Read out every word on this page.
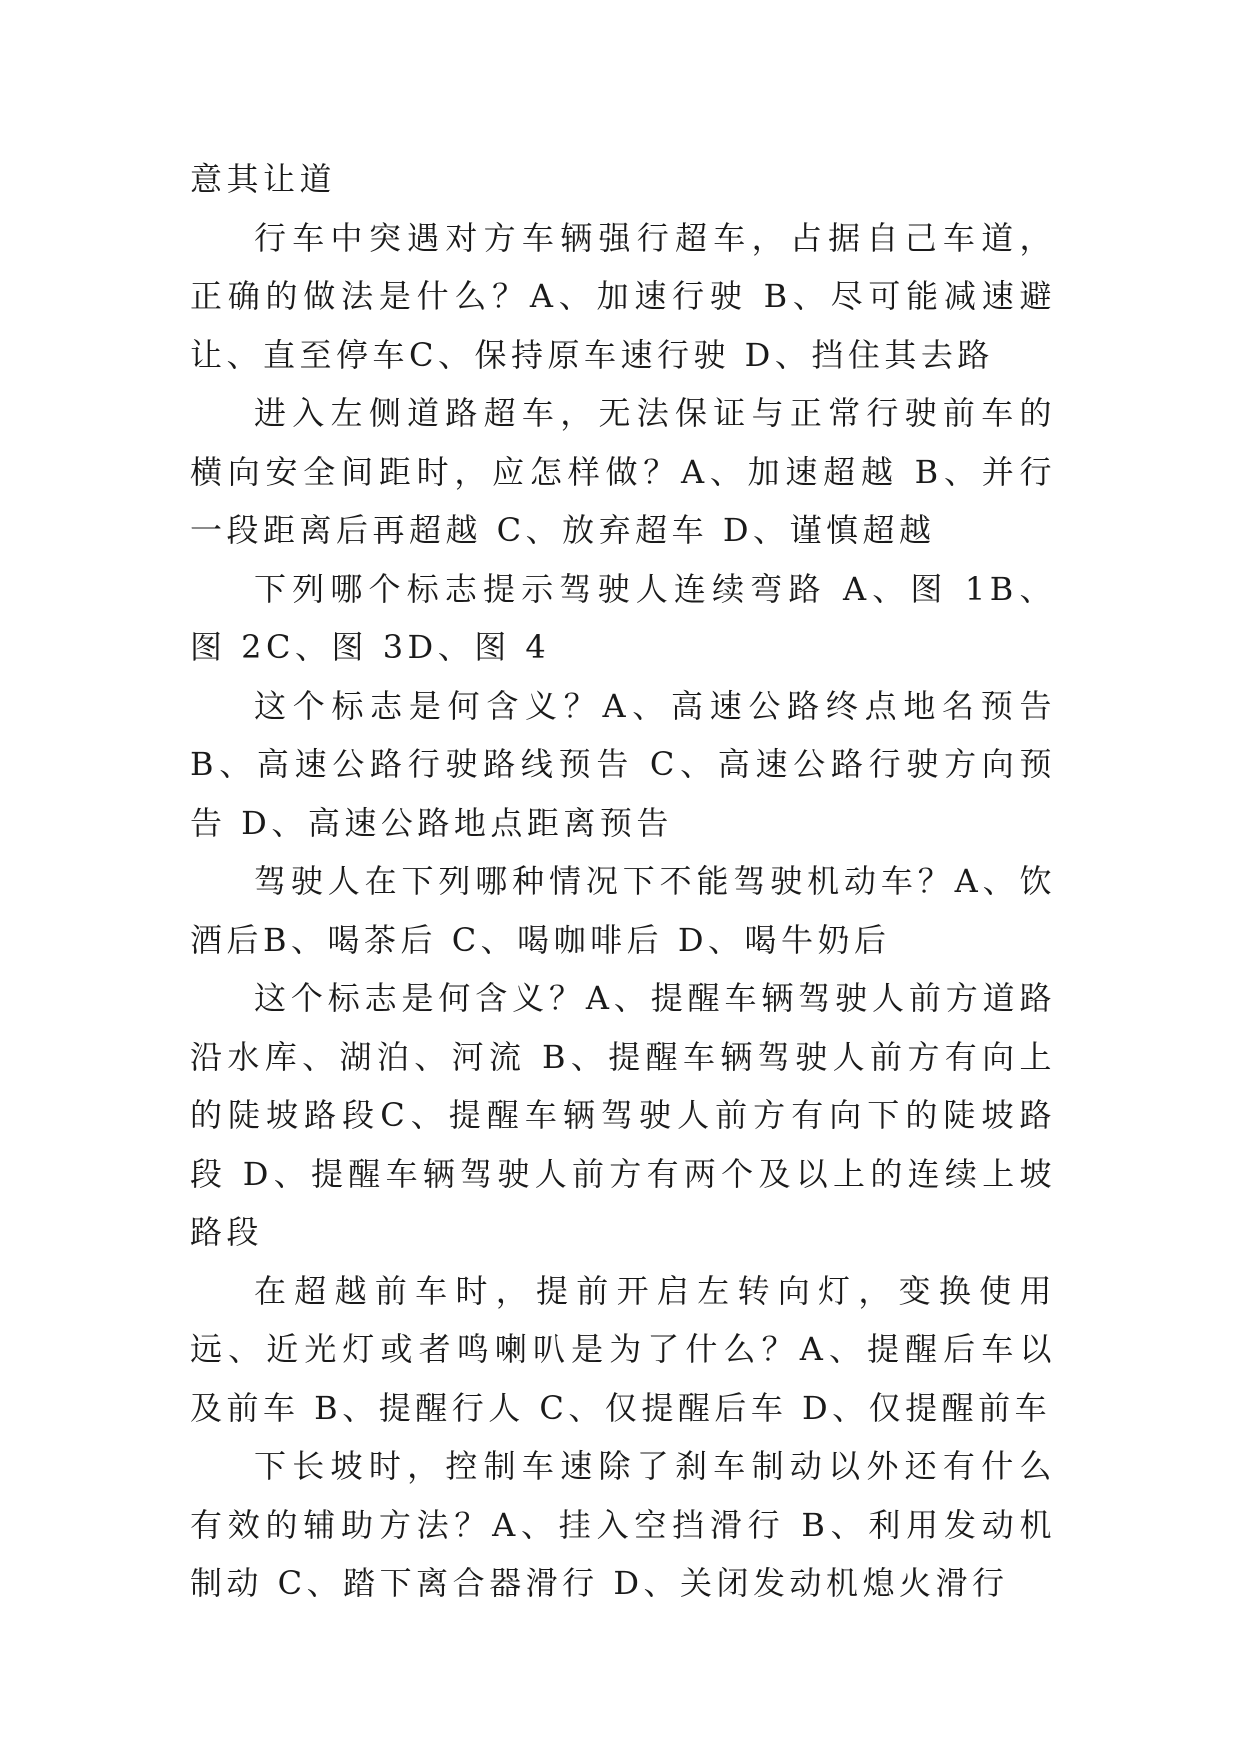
意其让道

行车中突遇对方车辆强行超车，占据自己车道，正确的做法是什么？A、加速行驶 B、尽可能减速避让、直至停车C、保持原车速行驶 D、挡住其去路

进入左侧道路超车，无法保证与正常行驶前车的横向安全间距时，应怎样做？A、加速超越 B、并行一段距离后再超越 C、放弃超车 D、谨慎超越

下列哪个标志提示驾驶人连续弯路 A、图 1B、图 2C、图 3D、图 4

这个标志是何含义？A、高速公路终点地名预告 B、高速公路行驶路线预告 C、高速公路行驶方向预告 D、高速公路地点距离预告

驾驶人在下列哪种情况下不能驾驶机动车？A、饮酒后B、喝茶后 C、喝咖啡后 D、喝牛奶后

这个标志是何含义？A、提醒车辆驾驶人前方道路沿水库、湖泊、河流 B、提醒车辆驾驶人前方有向上的陡坡路段C、提醒车辆驾驶人前方有向下的陡坡路段 D、提醒车辆驾驶人前方有两个及以上的连续上坡路段

在超越前车时，提前开启左转向灯，变换使用远、近光灯或者鸣喇叭是为了什么？A、提醒后车以及前车 B、提醒行人 C、仅提醒后车 D、仅提醒前车

下长坡时，控制车速除了刹车制动以外还有什么有效的辅助方法？A、挂入空挡滑行 B、利用发动机制动 C、踏下离合器滑行 D、关闭发动机熄火滑行
